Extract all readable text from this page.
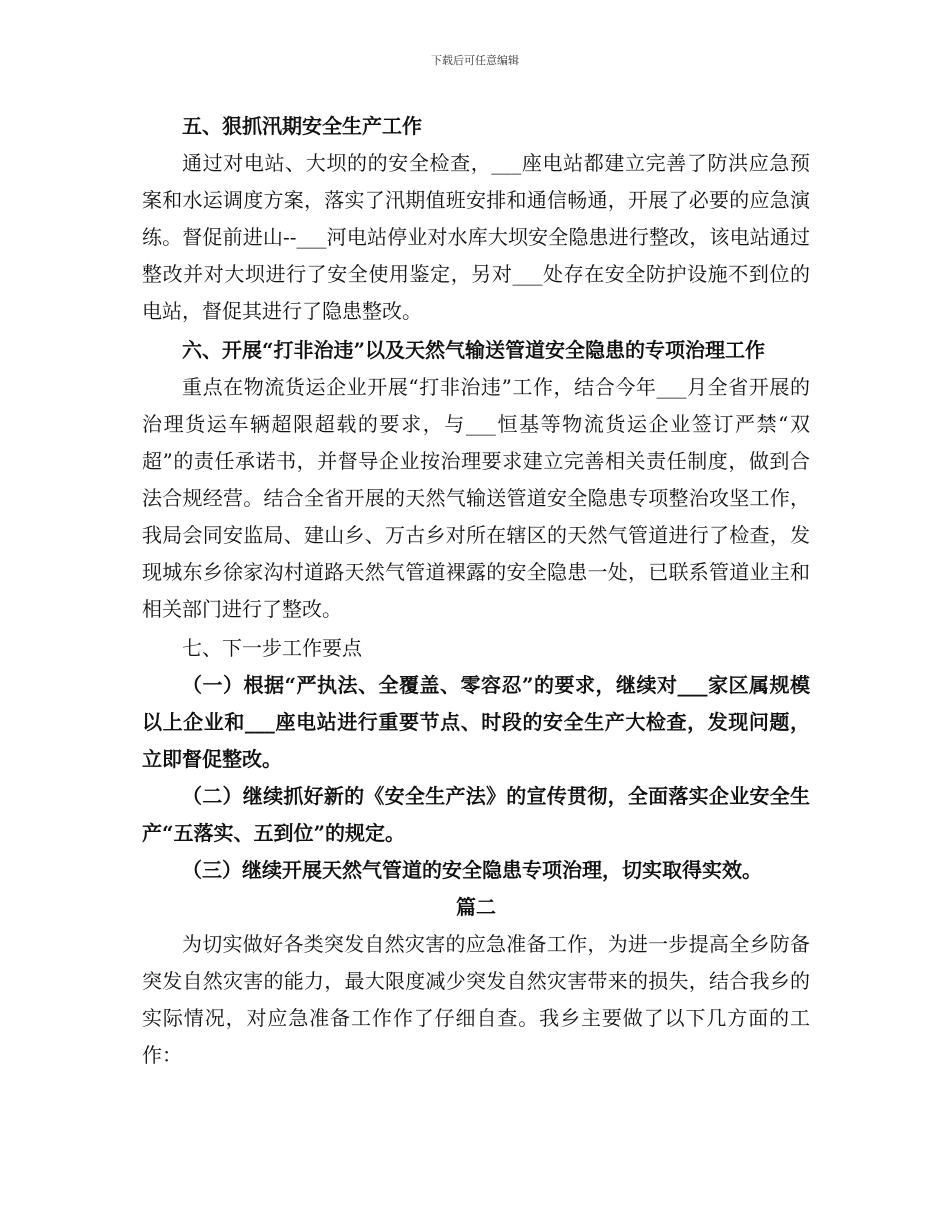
下载后可任意编辑

五、狠抓汛期安全生产工作

通过对电站、大坝的的安全检查，___座电站都建立完善了防洪应急预案和水运调度方案，落实了汛期值班安排和通信畅通，开展了必要的应急演练。督促前进山--___河电站停业对水库大坝安全隐患进行整改，该电站通过整改并对大坝进行了安全使用鉴定，另对___处存在安全防护设施不到位的电站，督促其进行了隐患整改。

六、开展“打非治违”以及天然气输送管道安全隐患的专项治理工作

重点在物流货运企业开展“打非治违”工作，结合今年___月全省开展的治理货运车辆超限超载的要求，与___恒基等物流货运企业签订严禁“双超”的责任承诺书，并督导企业按治理要求建立完善相关责任制度，做到合法合规经营。结合全省开展的天然气输送管道安全隐患专项整治攻坚工作，我局会同安监局、建山乡、万古乡对所在辖区的天然气管道进行了检查，发现城东乡徐家沟村道路天然气管道裸露的安全隐患一处，已联系管道业主和相关部门进行了整改。

七、下一步工作要点

（一）根据“严执法、全覆盖、零容忍”的要求，继续对___家区属规模以上企业和___座电站进行重要节点、时段的安全生产大检查，发现问题，立即督促整改。

（二）继续抓好新的《安全生产法》的宣传贯彻，全面落实企业安全生产“五落实、五到位”的规定。

（三）继续开展天然气管道的安全隐患专项治理，切实取得实效。

篇二

为切实做好各类突发自然灾害的应急准备工作，为进一步提高全乡防备突发自然灾害的能力，最大限度减少突发自然灾害带来的损失，结合我乡的实际情况，对应急准备工作作了仔细自查。我乡主要做了以下几方面的工作：
